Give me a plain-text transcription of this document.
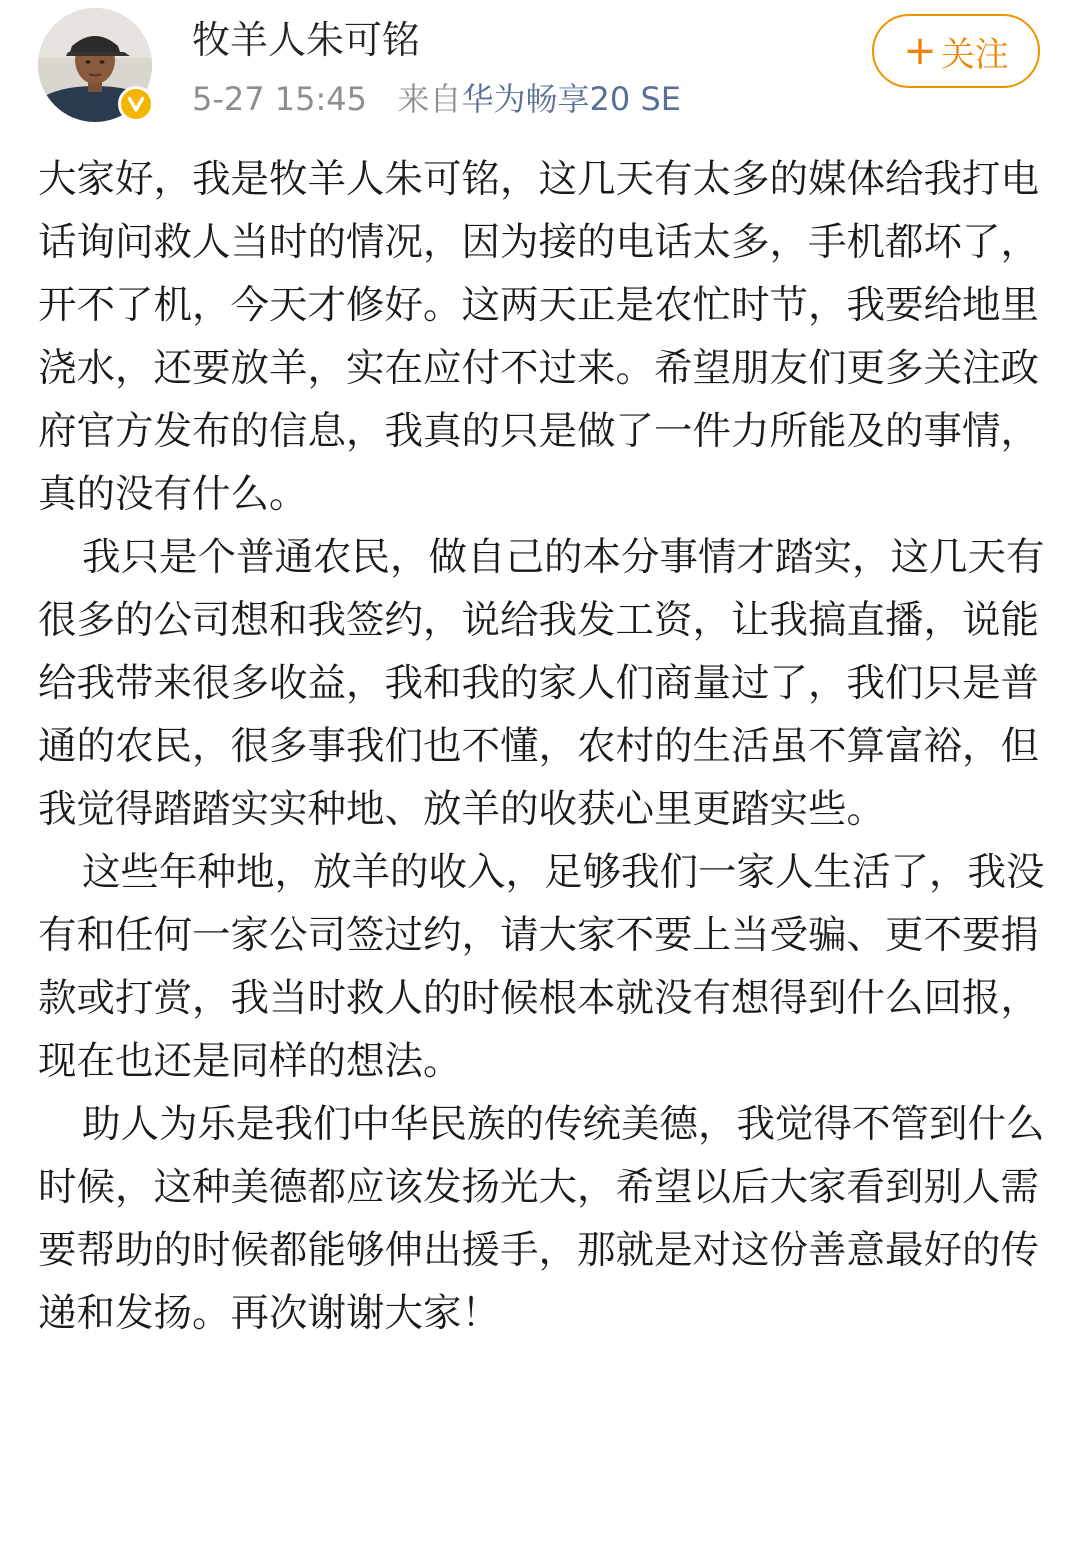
牧羊人朱可铭
5-27 15:45 来自华为畅享20 SE
+ 关注

大家好，我是牧羊人朱可铭，这几天有太多的媒体给我打电话询问救人当时的情况，因为接的电话太多，手机都坏了，开不了机，今天才修好。这两天正是农忙时节，我要给地里浇水，还要放羊，实在应付不过来。希望朋友们更多关注政府官方发布的信息，我真的只是做了一件力所能及的事情，真的没有什么。

我只是个普通农民，做自己的本分事情才踏实，这几天有很多的公司想和我签约，说给我发工资，让我搞直播，说能给我带来很多收益，我和我的家人们商量过了，我们只是普通的农民，很多事我们也不懂，农村的生活虽不算富裕，但我觉得踏踏实实种地、放羊的收获心里更踏实些。

这些年种地，放羊的收入，足够我们一家人生活了，我没有和任何一家公司签过约，请大家不要上当受骗、更不要捐款或打赏，我当时救人的时候根本就没有想得到什么回报，现在也还是同样的想法。

助人为乐是我们中华民族的传统美德，我觉得不管到什么时候，这种美德都应该发扬光大，希望以后大家看到别人需要帮助的时候都能够伸出援手，那就是对这份善意最好的传递和发扬。再次谢谢大家！
